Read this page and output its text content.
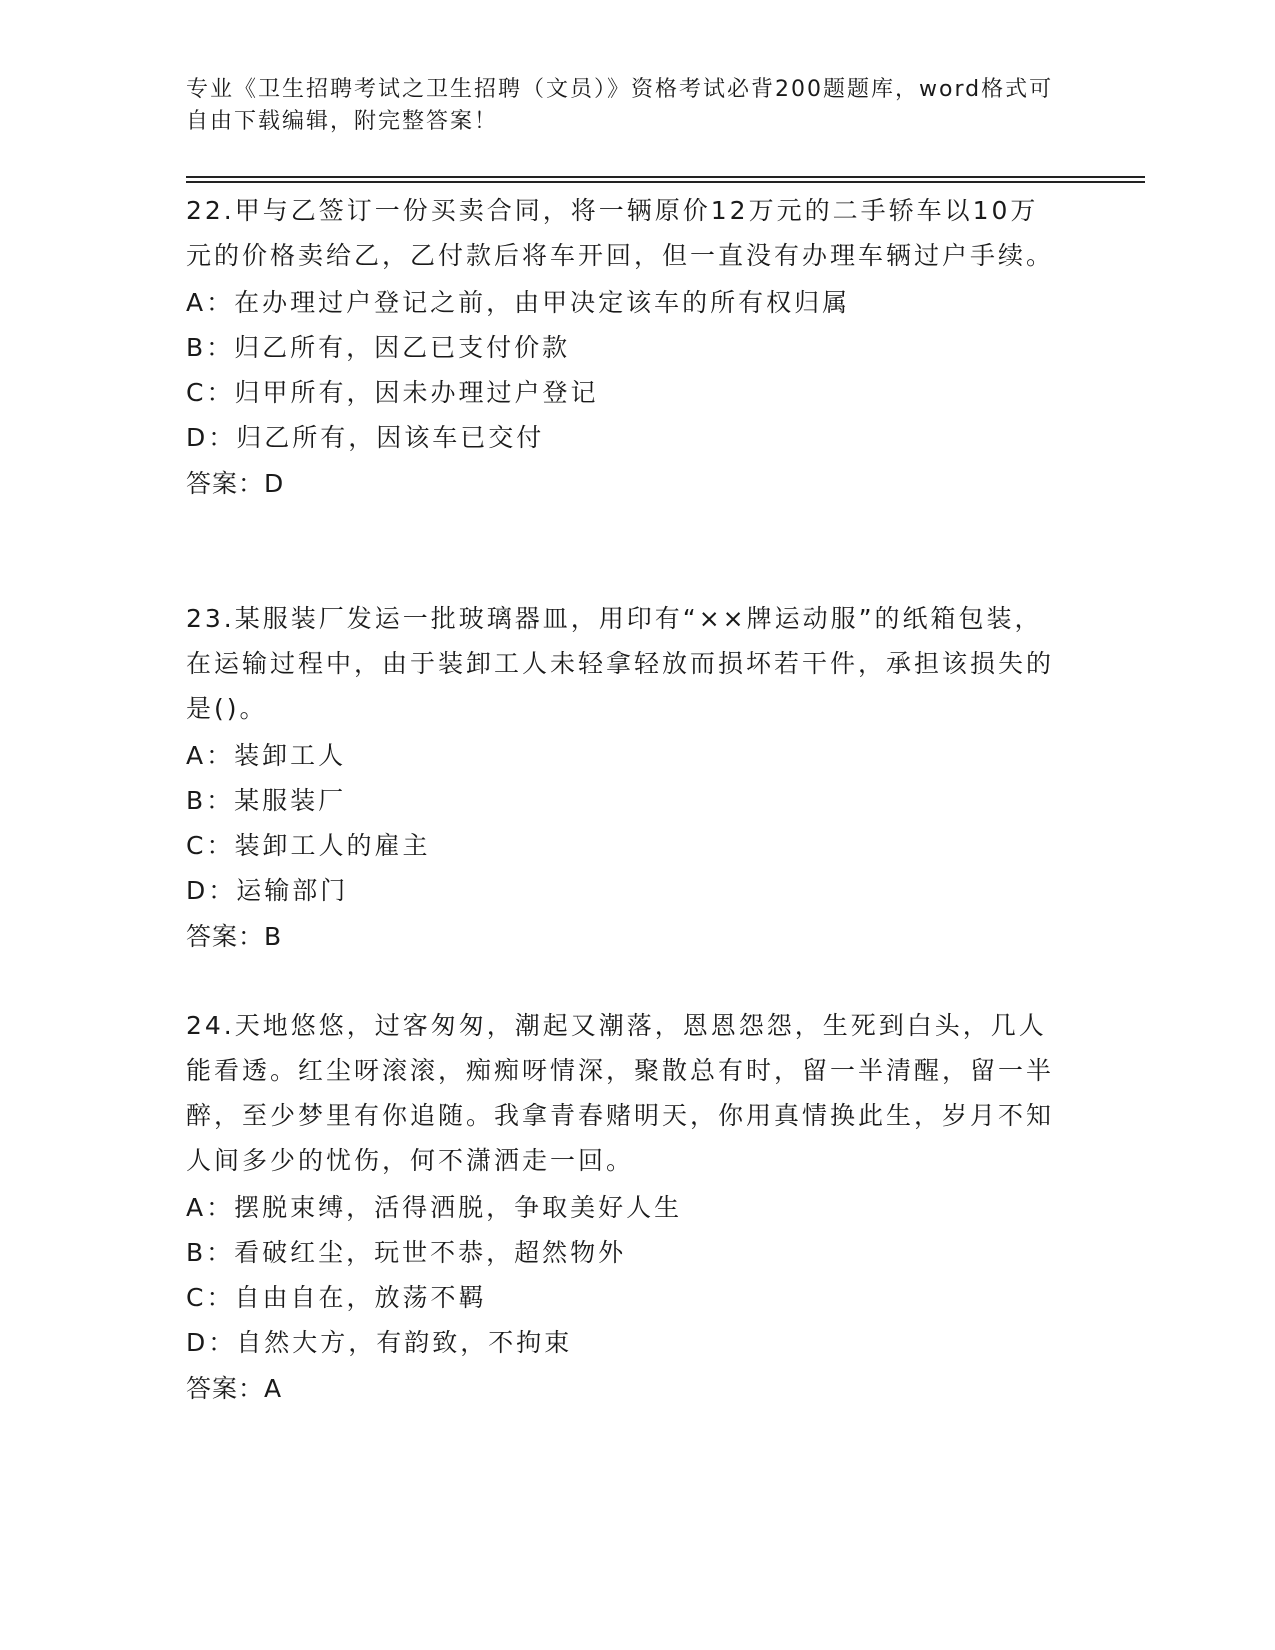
专业《卫生招聘考试之卫生招聘（文员）》资格考试必背200题题库，word格式可自由下载编辑，附完整答案！
22.甲与乙签订一份买卖合同，将一辆原价12万元的二手轿车以10万元的价格卖给乙，乙付款后将车开回，但一直没有办理车辆过户手续。
A：在办理过户登记之前，由甲决定该车的所有权归属
B：归乙所有，因乙已支付价款
C：归甲所有，因未办理过户登记
D：归乙所有，因该车已交付
答案：D
23.某服装厂发运一批玻璃器皿，用印有“××牌运动服”的纸箱包装，在运输过程中，由于装卸工人未轻拿轻放而损坏若干件，承担该损失的是()。
A：装卸工人
B：某服装厂
C：装卸工人的雇主
D：运输部门
答案：B
24.天地悠悠，过客匆匆，潮起又潮落，恩恩怨怨，生死到白头，几人能看透。红尘呀滚滚，痴痴呀情深，聚散总有时，留一半清醒，留一半醉，至少梦里有你追随。我拿青春赌明天，你用真情换此生，岁月不知人间多少的忧伤，何不潇洒走一回。
A：摆脱束缚，活得洒脱，争取美好人生
B：看破红尘，玩世不恭，超然物外
C：自由自在，放荡不羁
D：自然大方，有韵致，不拘束
答案：A
